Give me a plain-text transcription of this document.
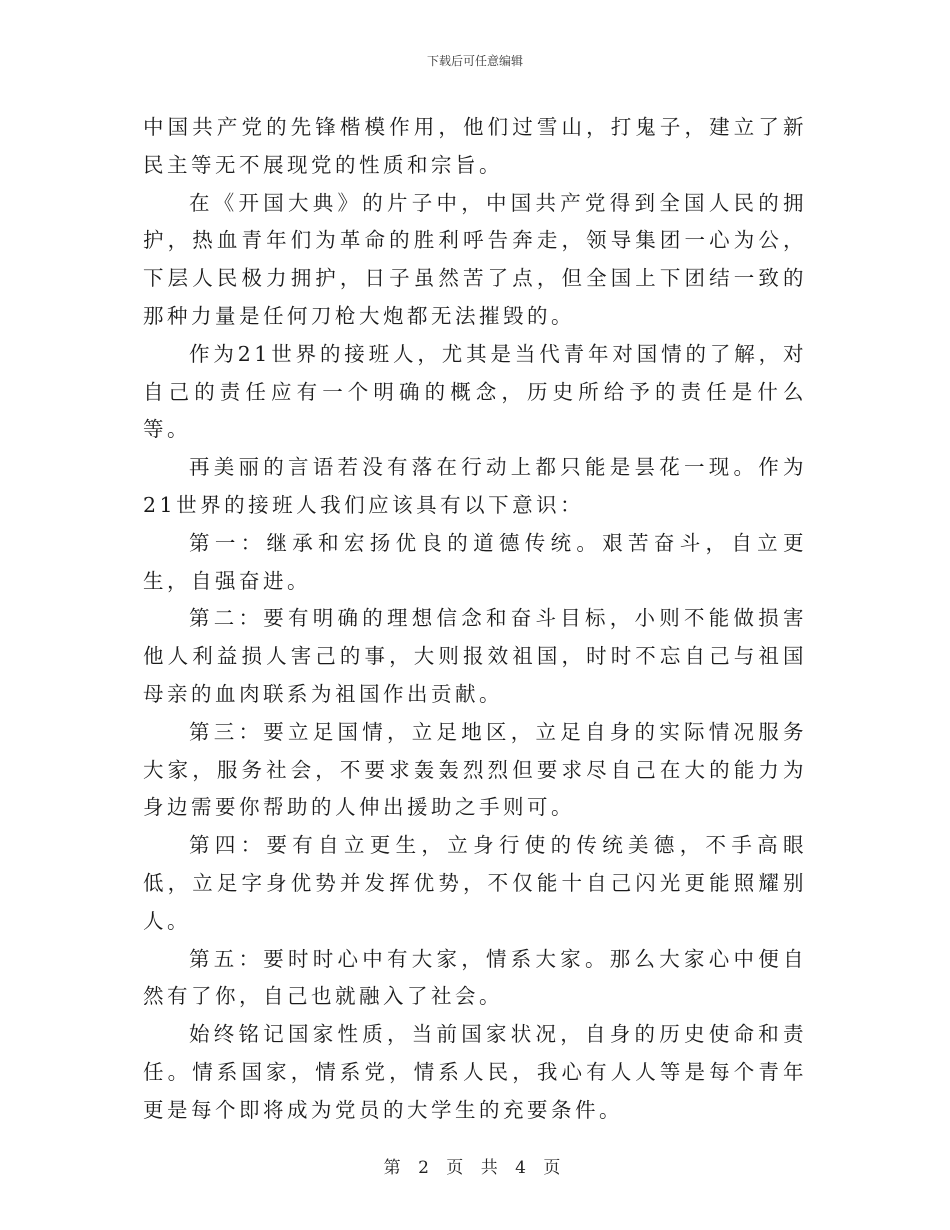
下载后可任意编辑

中国共产党的先锋楷模作用，他们过雪山，打鬼子，建立了新民主等无不展现党的性质和宗旨。

在《开国大典》的片子中，中国共产党得到全国人民的拥护，热血青年们为革命的胜利呼告奔走，领导集团一心为公，下层人民极力拥护，日子虽然苦了点，但全国上下团结一致的那种力量是任何刀枪大炮都无法摧毁的。

作为21世界的接班人，尤其是当代青年对国情的了解，对自己的责任应有一个明确的概念，历史所给予的责任是什么等。

再美丽的言语若没有落在行动上都只能是昙花一现。作为21世界的接班人我们应该具有以下意识：

第一：继承和宏扬优良的道德传统。艰苦奋斗，自立更生，自强奋进。

第二：要有明确的理想信念和奋斗目标，小则不能做损害他人利益损人害己的事，大则报效祖国，时时不忘自己与祖国母亲的血肉联系为祖国作出贡献。

第三：要立足国情，立足地区，立足自身的实际情况服务大家，服务社会，不要求轰轰烈烈但要求尽自己在大的能力为身边需要你帮助的人伸出援助之手则可。

第四：要有自立更生，立身行使的传统美德，不手高眼低，立足字身优势并发挥优势，不仅能十自己闪光更能照耀别人。

第五：要时时心中有大家，情系大家。那么大家心中便自然有了你，自己也就融入了社会。

始终铭记国家性质，当前国家状况，自身的历史使命和责任。情系国家，情系党，情系人民，我心有人人等是每个青年更是每个即将成为党员的大学生的充要条件。

第 2 页 共 4 页
